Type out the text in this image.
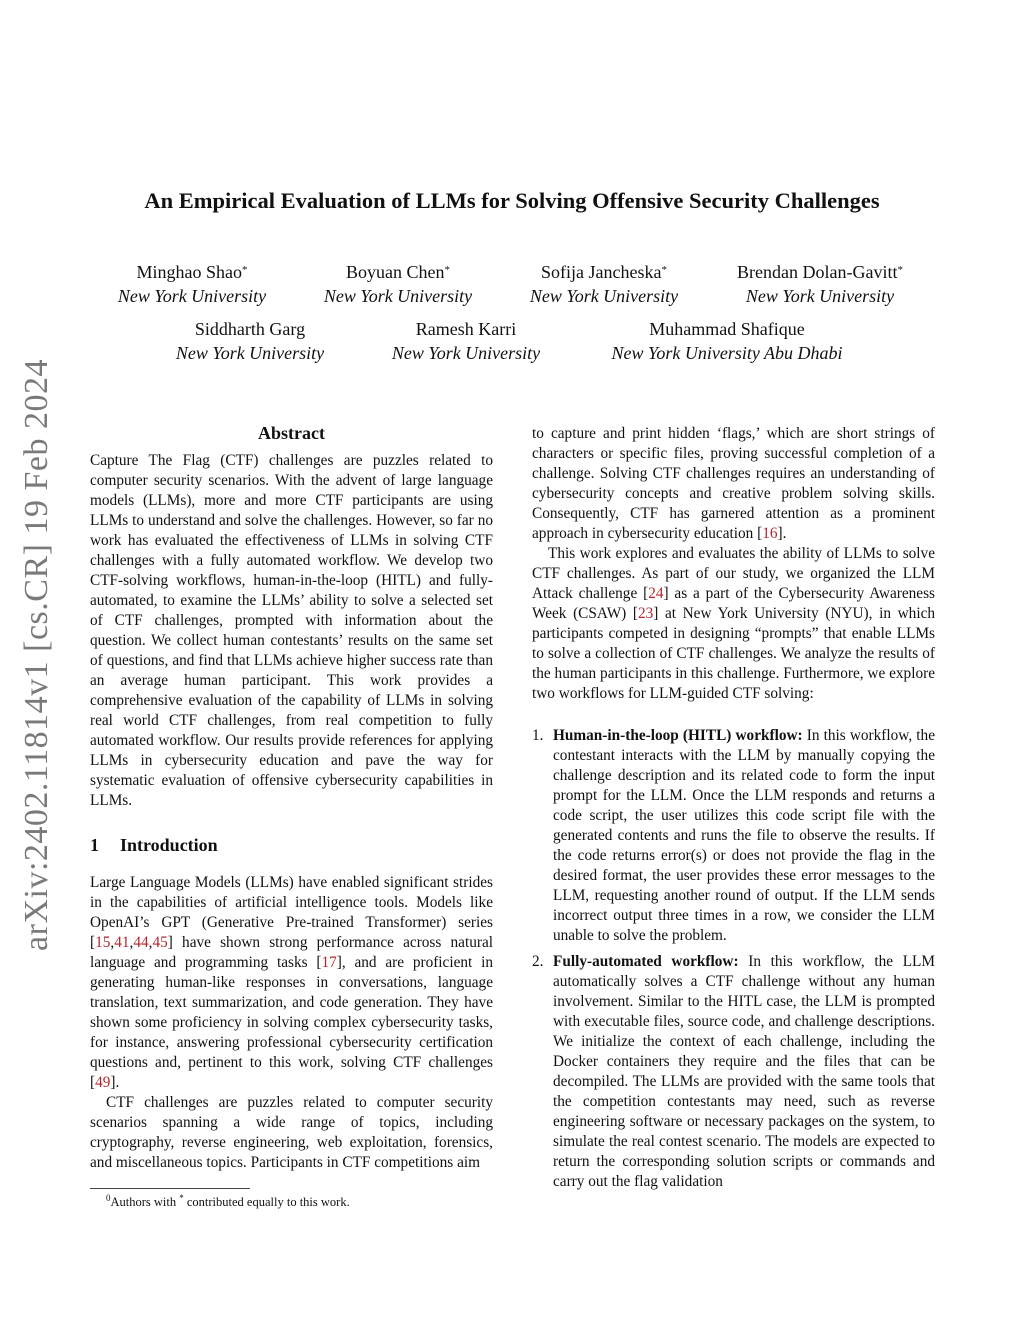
arXiv:2402.11814v1 [cs.CR] 19 Feb 2024
An Empirical Evaluation of LLMs for Solving Offensive Security Challenges
Minghao Shao*
New York University
Boyuan Chen*
New York University
Sofija Jancheska*
New York University
Brendan Dolan-Gavitt*
New York University
Siddharth Garg
New York University
Ramesh Karri
New York University
Muhammad Shafique
New York University Abu Dhabi
Abstract

Capture The Flag (CTF) challenges are puzzles related to computer security scenarios. With the advent of large language models (LLMs), more and more CTF participants are using LLMs to understand and solve the challenges. However, so far no work has evaluated the effectiveness of LLMs in solving CTF challenges with a fully automated workflow. We develop two CTF-solving workflows, human-in-the-loop (HITL) and fully-automated, to examine the LLMs’ ability to solve a selected set of CTF challenges, prompted with information about the question. We collect human contestants’ results on the same set of questions, and find that LLMs achieve higher success rate than an average human participant. This work provides a comprehensive evaluation of the capability of LLMs in solving real world CTF challenges, from real competition to fully automated workflow. Our results provide references for applying LLMs in cybersecurity education and pave the way for systematic evaluation of offensive cybersecurity capabilities in LLMs.

1 Introduction

Large Language Models (LLMs) have enabled significant strides in the capabilities of artificial intelligence tools. Models like OpenAI’s GPT (Generative Pre-trained Transformer) series [15,41,44,45] have shown strong performance across natural language and programming tasks [17], and are proficient in generating human-like responses in conversations, language translation, text summarization, and code generation. They have shown some proficiency in solving complex cybersecurity tasks, for instance, answering professional cybersecurity certification questions and, pertinent to this work, solving CTF challenges [49].

CTF challenges are puzzles related to computer security scenarios spanning a wide range of topics, including cryptography, reverse engineering, web exploitation, forensics, and miscellaneous topics. Participants in CTF competitions aim

to capture and print hidden ‘flags,’ which are short strings of characters or specific files, proving successful completion of a challenge. Solving CTF challenges requires an understanding of cybersecurity concepts and creative problem solving skills. Consequently, CTF has garnered attention as a prominent approach in cybersecurity education [16].

This work explores and evaluates the ability of LLMs to solve CTF challenges. As part of our study, we organized the LLM Attack challenge [24] as a part of the Cybersecurity Awareness Week (CSAW) [23] at New York University (NYU), in which participants competed in designing “prompts” that enable LLMs to solve a collection of CTF challenges. We analyze the results of the human participants in this challenge. Furthermore, we explore two workflows for LLM-guided CTF solving:

1. Human-in-the-loop (HITL) workflow: In this workflow, the contestant interacts with the LLM by manually copying the challenge description and its related code to form the input prompt for the LLM. Once the LLM responds and returns a code script, the user utilizes this code script file with the generated contents and runs the file to observe the results. If the code returns error(s) or does not provide the flag in the desired format, the user provides these error messages to the LLM, requesting another round of output. If the LLM sends incorrect output three times in a row, we consider the LLM unable to solve the problem.
2. Fully-automated workflow: In this workflow, the LLM automatically solves a CTF challenge without any human involvement. Similar to the HITL case, the LLM is prompted with executable files, source code, and challenge descriptions. We initialize the context of each challenge, including the Docker containers they require and the files that can be decompiled. The LLMs are provided with the same tools that the competition contestants may need, such as reverse engineering software or necessary packages on the system, to simulate the real contest scenario. The models are expected to return the corresponding solution scripts or commands and carry out the flag validation
$^0$Authors with * contributed equally to this work.
